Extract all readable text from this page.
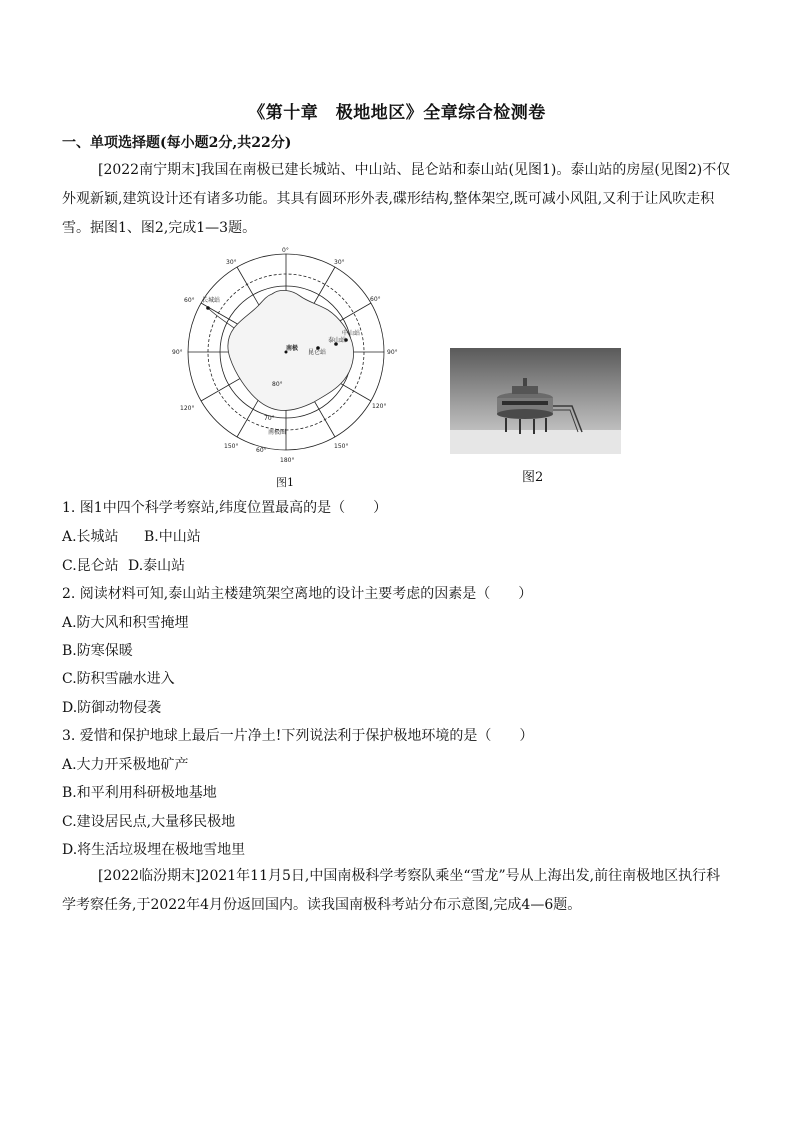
《第十章　极地地区》全章综合检测卷
一、单项选择题(每小题2分,共22分)
[2022南宁期末]我国在南极已建长城站、中山站、昆仑站和泰山站(见图1)。泰山站的房屋(见图2)不仅外观新颖,建筑设计还有诸多功能。其具有圆环形外表,碟形结构,整体架空,既可减小风阻,又利于让风吹走积雪。据图1、图2,完成1—3题。
0°
30°
60°
90°
120°
150°
180°
150°
120°
90°
60°
30°
80°
70°
60°
南极圈
南极
长城站
中山站
昆仑站
泰山站
图1	图2
1. 图1中四个科学考察站,纬度位置最高的是（　　）
A.长城站 B.中山站
C.昆仑站 D.泰山站
2. 阅读材料可知,泰山站主楼建筑架空离地的设计主要考虑的因素是（　　）
A.防大风和积雪掩埋
B.防寒保暖
C.防积雪融水进入
D.防御动物侵袭
3. 爱惜和保护地球上最后一片净土!下列说法利于保护极地环境的是（　　）
A.大力开采极地矿产
B.和平利用科研极地基地
C.建设居民点,大量移民极地
D.将生活垃圾埋在极地雪地里
[2022临汾期末]2021年11月5日,中国南极科学考察队乘坐“雪龙”号从上海出发,前往南极地区执行科学考察任务,于2022年4月份返回国内。读我国南极科考站分布示意图,完成4—6题。
